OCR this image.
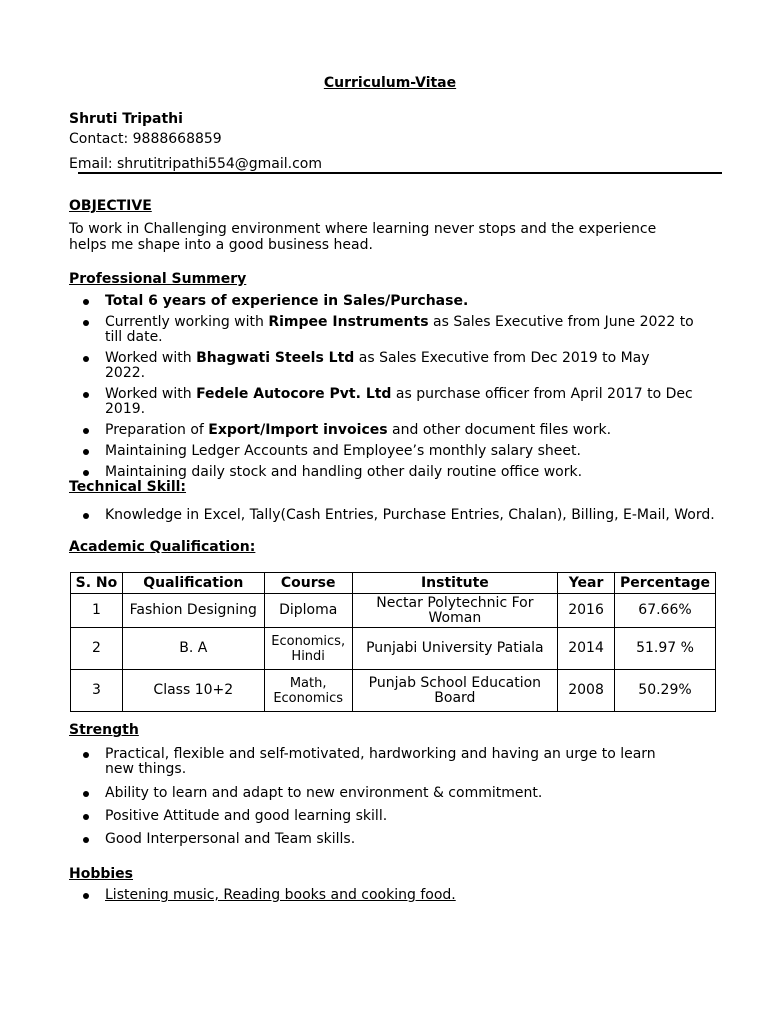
Curriculum-Vitae
Shruti Tripathi
Contact: 9888668859
Email: shrutitripathi554@gmail.com
OBJECTIVE
To work in Challenging environment where learning never stops and the experience helps me shape into a good business head.
Professional Summery
Total 6 years of experience in Sales/Purchase.
Currently working with Rimpee Instruments as Sales Executive from June 2022 to till date.
Worked with Bhagwati Steels Ltd as Sales Executive from Dec 2019 to May 2022.
Worked with Fedele Autocore Pvt. Ltd as purchase officer from April 2017 to Dec 2019.
Preparation of Export/Import invoices and other document files work.
Maintaining Ledger Accounts and Employee’s monthly salary sheet.
Maintaining daily stock and handling other daily routine office work.
Technical Skill:
Knowledge in Excel, Tally(Cash Entries, Purchase Entries, Chalan), Billing, E-Mail, Word.
Academic Qualification:
S. No	Qualification	Course	Institute	Year	Percentage
1	Fashion Designing	Diploma	Nectar Polytechnic For Woman	2016	67.66%
2	B. A	Economics, Hindi	Punjabi University Patiala	2014	51.97 %
3	Class 10+2	Math, Economics	Punjab School Education Board	2008	50.29%
Strength
Practical, flexible and self-motivated, hardworking and having an urge to learn new things.
Ability to learn and adapt to new environment & commitment.
Positive Attitude and good learning skill.
Good Interpersonal and Team skills.
Hobbies
Listening music, Reading books and cooking food.
